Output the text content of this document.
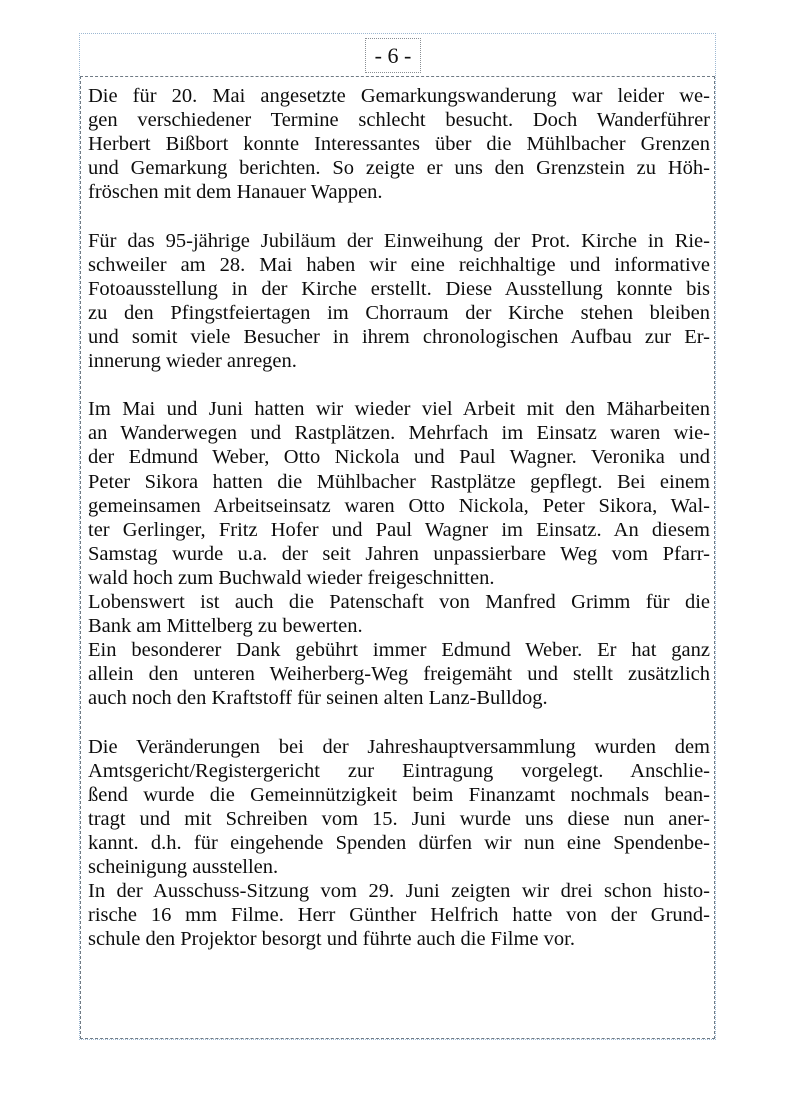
- 6 -
Die für 20. Mai angesetzte Gemarkungswanderung war leider we-
gen verschiedener Termine schlecht besucht. Doch Wanderführer
Herbert Bißbort konnte Interessantes über die Mühlbacher Grenzen
und Gemarkung berichten. So zeigte er uns den Grenzstein zu Höh-
fröschen mit dem Hanauer Wappen.
Für das 95-jährige Jubiläum der Einweihung der Prot. Kirche in Rie-
schweiler am 28. Mai haben wir eine reichhaltige und informative
Fotoausstellung in der Kirche erstellt. Diese Ausstellung konnte bis
zu den Pfingstfeiertagen im Chorraum der Kirche stehen bleiben
und somit viele Besucher in ihrem chronologischen Aufbau zur Er-
innerung wieder anregen.
Im Mai und Juni hatten wir wieder viel Arbeit mit den Mäharbeiten
an Wanderwegen und Rastplätzen. Mehrfach im Einsatz waren wie-
der Edmund Weber, Otto Nickola und Paul Wagner. Veronika und
Peter Sikora hatten die Mühlbacher Rastplätze gepflegt. Bei einem
gemeinsamen Arbeitseinsatz waren Otto Nickola, Peter Sikora, Wal-
ter Gerlinger, Fritz Hofer und Paul Wagner im Einsatz. An diesem
Samstag wurde u.a. der seit Jahren unpassierbare Weg vom Pfarr-
wald hoch zum Buchwald wieder freigeschnitten.
Lobenswert ist auch die Patenschaft von Manfred Grimm für die
Bank am Mittelberg zu bewerten.
Ein besonderer Dank gebührt immer Edmund Weber. Er hat ganz
allein den unteren Weiherberg-Weg freigemäht und stellt zusätzlich
auch noch den Kraftstoff für seinen alten Lanz-Bulldog.
Die Veränderungen bei der Jahreshauptversammlung wurden dem
Amtsgericht/Registergericht zur Eintragung vorgelegt. Anschlie-
ßend wurde die Gemeinnützigkeit beim Finanzamt nochmals bean-
tragt und mit Schreiben vom 15. Juni wurde uns diese nun aner-
kannt. d.h. für eingehende Spenden dürfen wir nun eine Spendenbe-
scheinigung ausstellen.
In der Ausschuss-Sitzung vom 29. Juni zeigten wir drei schon histo-
rische 16 mm Filme. Herr Günther Helfrich hatte von der Grund-
schule den Projektor besorgt und führte auch die Filme vor.
